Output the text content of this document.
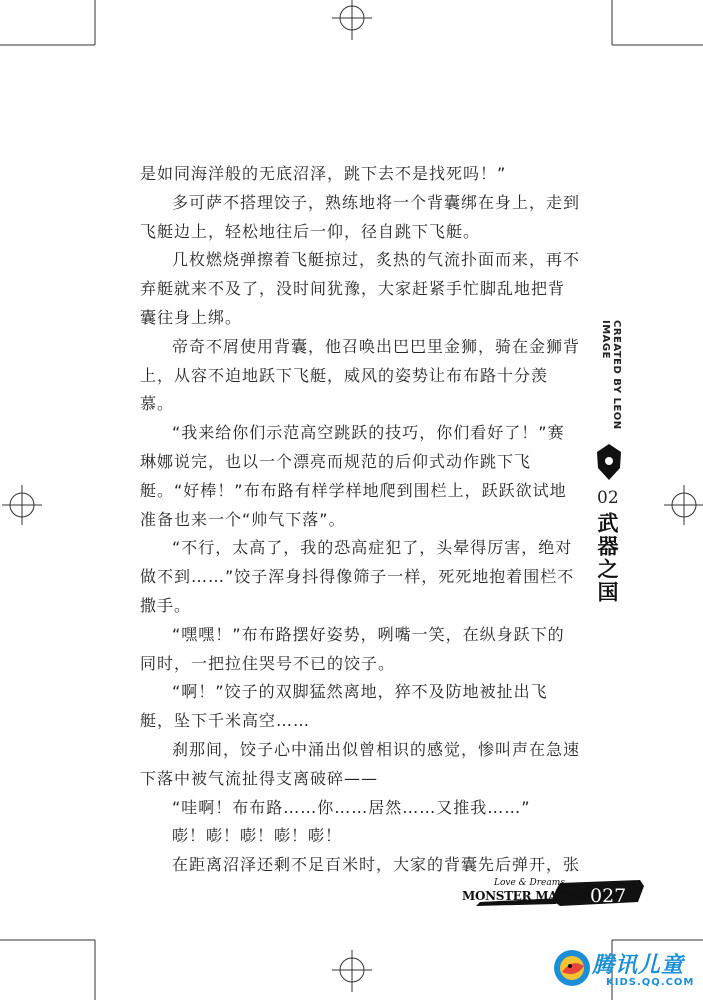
是如同海洋般的无底沼泽，跳下去不是找死吗！”

多可萨不搭理饺子，熟练地将一个背囊绑在身上，走到飞艇边上，轻松地往后一仰，径自跳下飞艇。

几枚燃烧弹擦着飞艇掠过，炙热的气流扑面而来，再不弃艇就来不及了，没时间犹豫，大家赶紧手忙脚乱地把背囊往身上绑。

帝奇不屑使用背囊，他召唤出巴巴里金狮，骑在金狮背上，从容不迫地跃下飞艇，威风的姿势让布布路十分羡慕。

“我来给你们示范高空跳跃的技巧，你们看好了！”赛琳娜说完，也以一个漂亮而规范的后仰式动作跳下飞艇。“好棒！”布布路有样学样地爬到围栏上，跃跃欲试地准备也来一个“帅气下落”。

“不行，太高了，我的恐高症犯了，头晕得厉害，绝对做不到……”饺子浑身抖得像筛子一样，死死地抱着围栏不撒手。

“嘿嘿！”布布路摆好姿势，咧嘴一笑，在纵身跃下的同时，一把拉住哭号不已的饺子。

“啊！”饺子的双脚猛然离地，猝不及防地被扯出飞艇，坠下千米高空……

刹那间，饺子心中涌出似曾相识的感觉，惨叫声在急速下落中被气流扯得支离破碎——

“哇啊！布布路……你……居然……又推我……”

嘭！嘭！嘭！嘭！嘭！

在距离沼泽还剩不足百米时，大家的背囊先后弹开，张

CREATED BY LEON IMAGE
02
武器之国
Love & Dreams
MONSTER MASTER
027
腾讯儿童
KIDS.QQ.COM
